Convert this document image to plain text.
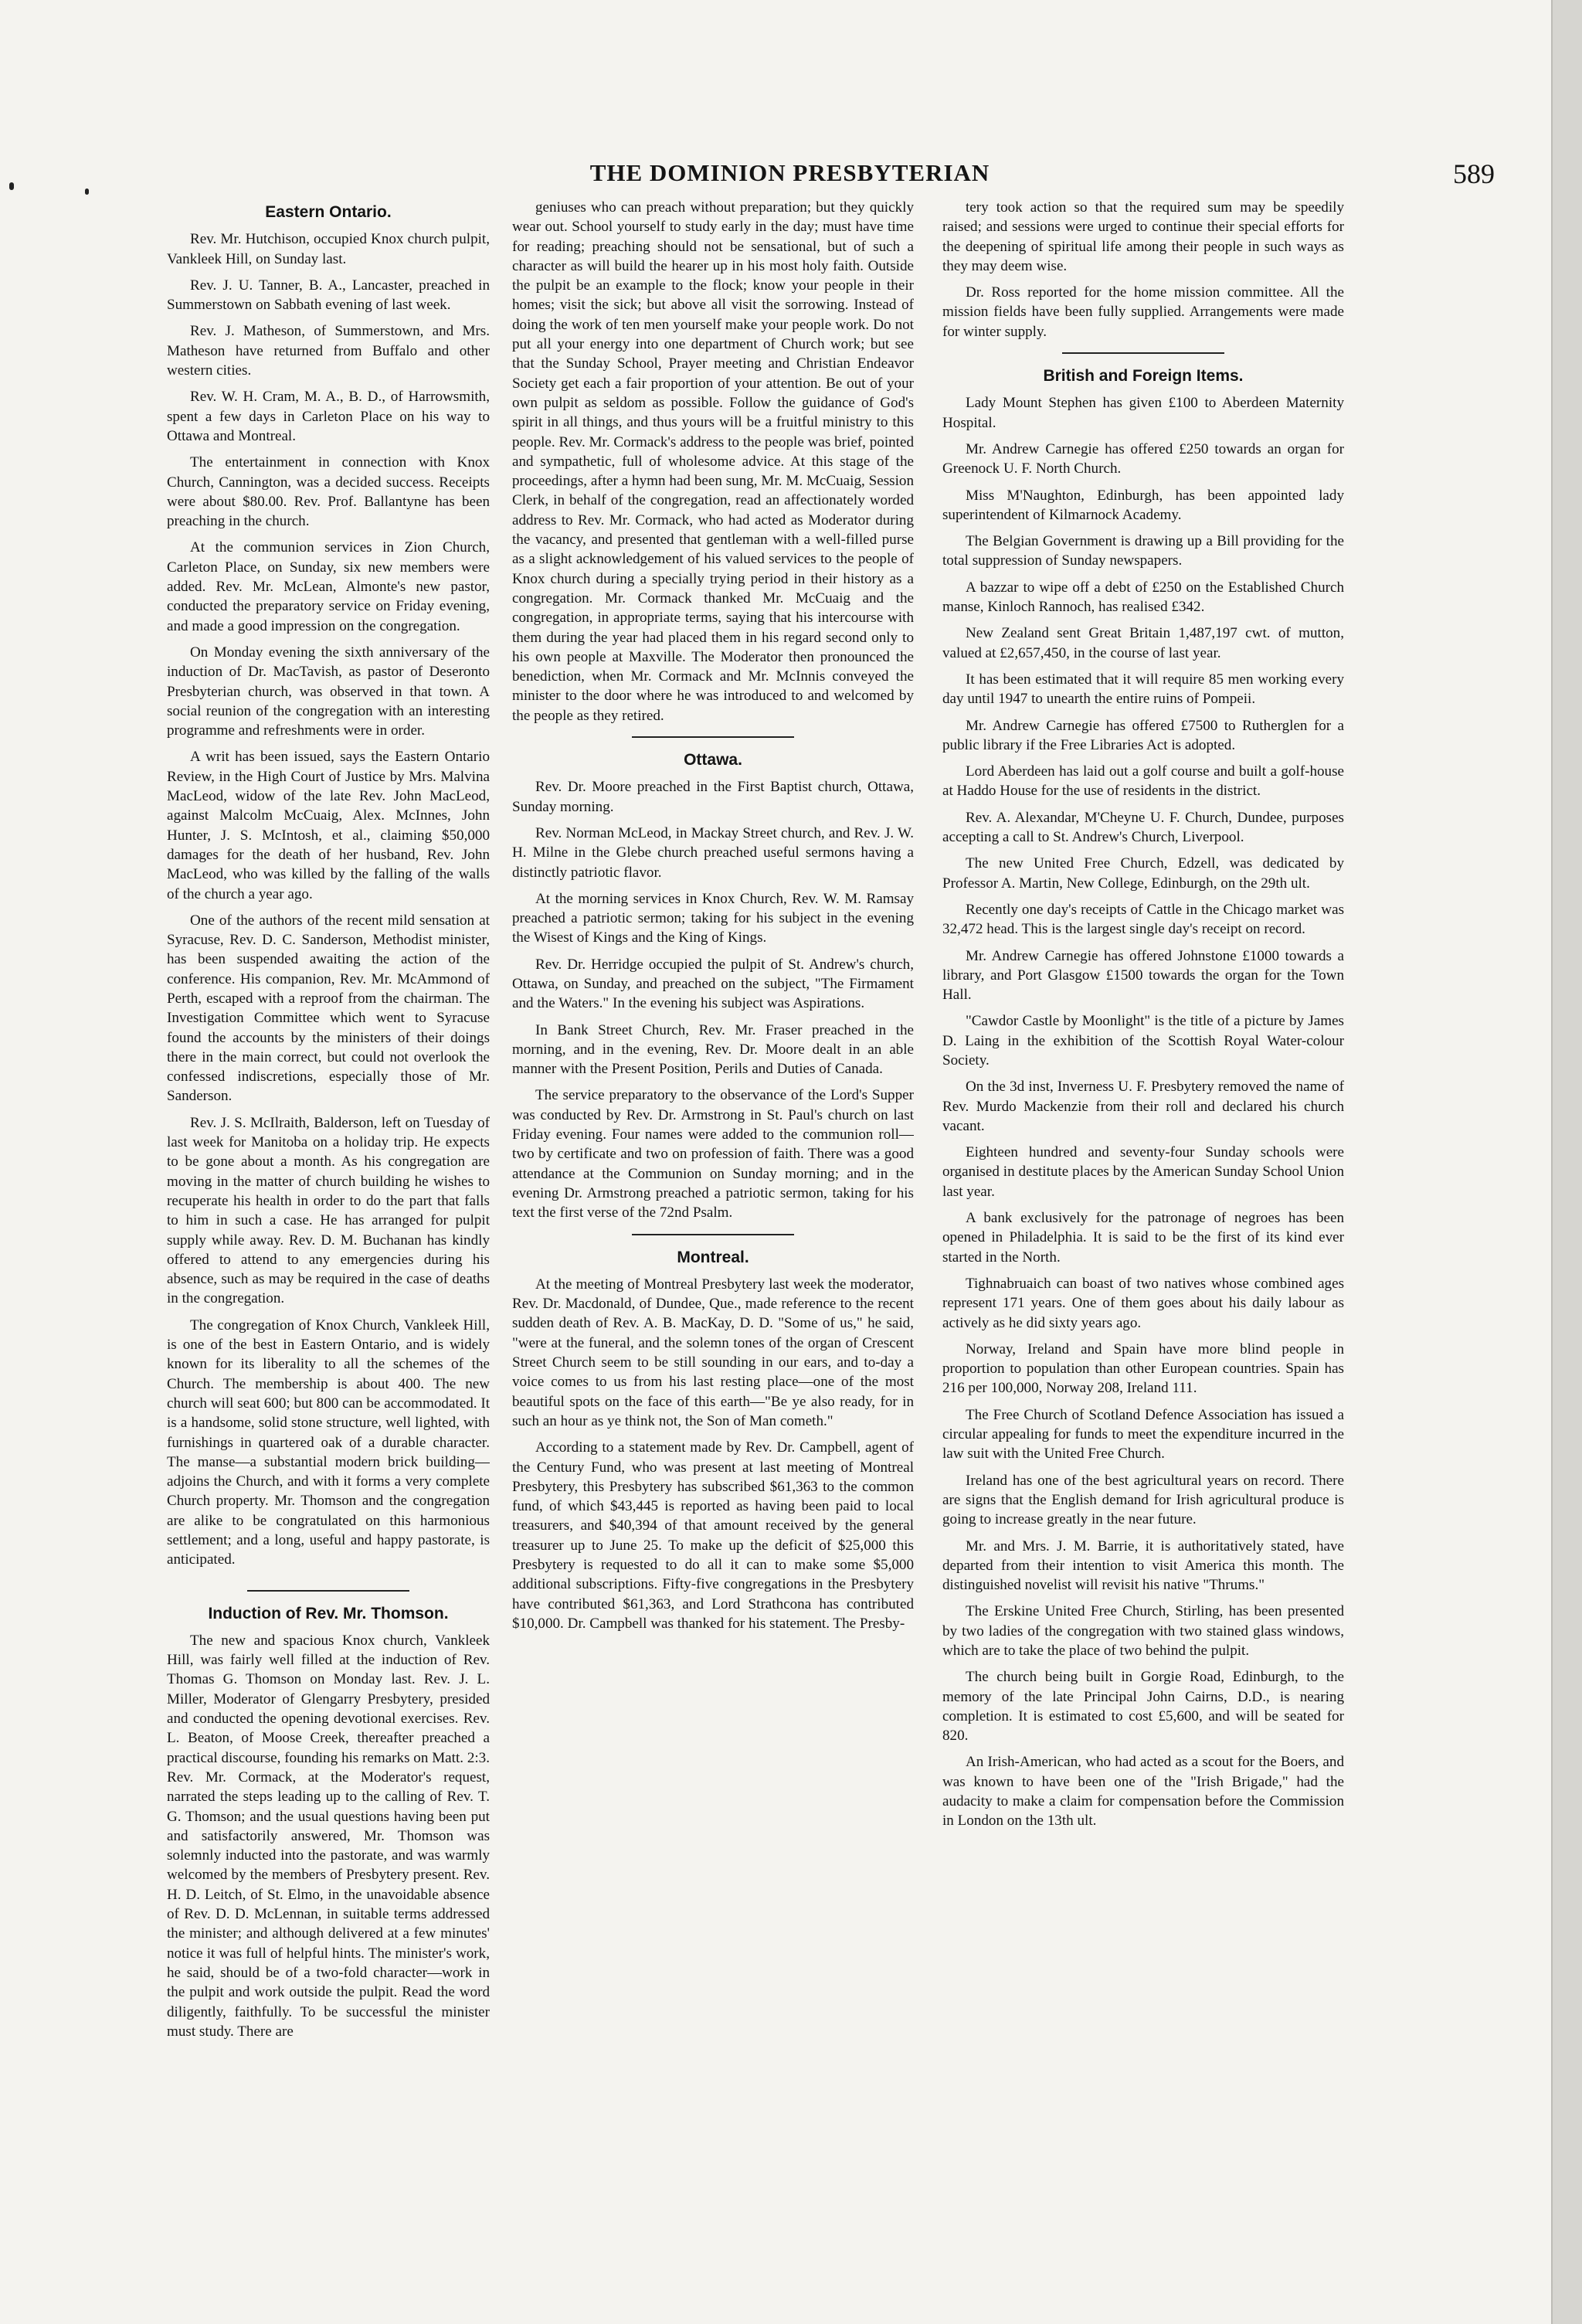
THE DOMINION PRESBYTERIAN	589
Eastern Ontario.

Rev. Mr. Hutchison, occupied Knox church pulpit, Vankleek Hill, on Sunday last.

Rev. J. U. Tanner, B. A., Lancaster, preached in Summerstown on Sabbath evening of last week.

Rev. J. Matheson, of Summerstown, and Mrs. Matheson have returned from Buffalo and other western cities.

Rev. W. H. Cram, M. A., B. D., of Harrowsmith, spent a few days in Carleton Place on his way to Ottawa and Montreal.

The entertainment in connection with Knox Church, Cannington, was a decided success. Receipts were about $80.00. Rev. Prof. Ballantyne has been preaching in the church.

At the communion services in Zion Church, Carleton Place, on Sunday, six new members were added. Rev. Mr. McLean, Almonte's new pastor, conducted the preparatory service on Friday evening, and made a good impression on the congregation.

On Monday evening the sixth anniversary of the induction of Dr. MacTavish, as pastor of Deseronto Presbyterian church, was observed in that town. A social reunion of the congregation with an interesting programme and refreshments were in order.

A writ has been issued, says the Eastern Ontario Review, in the High Court of Justice by Mrs. Malvina MacLeod, widow of the late Rev. John MacLeod, against Malcolm McCuaig, Alex. McInnes, John Hunter, J. S. McIntosh, et al., claiming $50,000 damages for the death of her husband, Rev. John MacLeod, who was killed by the falling of the walls of the church a year ago.

One of the authors of the recent mild sensation at Syracuse, Rev. D. C. Sanderson, Methodist minister, has been suspended awaiting the action of the conference. His companion, Rev. Mr. McAmmond of Perth, escaped with a reproof from the chairman. The Investigation Committee which went to Syracuse found the accounts by the ministers of their doings there in the main correct, but could not overlook the confessed indiscretions, especially those of Mr. Sanderson.

Rev. J. S. McIlraith, Balderson, left on Tuesday of last week for Manitoba on a holiday trip. He expects to be gone about a month. As his congregation are moving in the matter of church building he wishes to recuperate his health in order to do the part that falls to him in such a case. He has arranged for pulpit supply while away. Rev. D. M. Buchanan has kindly offered to attend to any emergencies during his absence, such as may be required in the case of deaths in the congregation.

The congregation of Knox Church, Vankleek Hill, is one of the best in Eastern Ontario, and is widely known for its liberality to all the schemes of the Church. The membership is about 400. The new church will seat 600; but 800 can be accommodated. It is a handsome, solid stone structure, well lighted, with furnishings in quartered oak of a durable character. The manse—a substantial modern brick building—adjoins the Church, and with it forms a very complete Church property. Mr. Thomson and the congregation are alike to be congratulated on this harmonious settlement; and a long, useful and happy pastorate, is anticipated.

Induction of Rev. Mr. Thomson.

The new and spacious Knox church, Vankleek Hill, was fairly well filled at the induction of Rev. Thomas G. Thomson on Monday last. Rev. J. L. Miller, Moderator of Glengarry Presbytery, presided and conducted the opening devotional exercises. Rev. L. Beaton, of Moose Creek, thereafter preached a practical discourse, founding his remarks on Matt. 2:3. Rev. Mr. Cormack, at the Moderator's request, narrated the steps leading up to the calling of Rev. T. G. Thomson; and the usual questions having been put and satisfactorily answered, Mr. Thomson was solemnly inducted into the pastorate, and was warmly welcomed by the members of Presbytery present. Rev. H. D. Leitch, of St. Elmo, in the unavoidable absence of Rev. D. D. McLennan, in suitable terms addressed the minister; and although delivered at a few minutes' notice it was full of helpful hints. The minister's work, he said, should be of a two-fold character—work in the pulpit and work outside the pulpit. Read the word diligently, faithfully. To be successful the minister must study. There are

geniuses who can preach without preparation; but they quickly wear out. School yourself to study early in the day; must have time for reading; preaching should not be sensational, but of such a character as will build the hearer up in his most holy faith. Outside the pulpit be an example to the flock; know your people in their homes; visit the sick; but above all visit the sorrowing. Instead of doing the work of ten men yourself make your people work. Do not put all your energy into one department of Church work; but see that the Sunday School, Prayer meeting and Christian Endeavor Society get each a fair proportion of your attention. Be out of your own pulpit as seldom as possible. Follow the guidance of God's spirit in all things, and thus yours will be a fruitful ministry to this people. Rev. Mr. Cormack's address to the people was brief, pointed and sympathetic, full of wholesome advice. At this stage of the proceedings, after a hymn had been sung, Mr. M. McCuaig, Session Clerk, in behalf of the congregation, read an affectionately worded address to Rev. Mr. Cormack, who had acted as Moderator during the vacancy, and presented that gentleman with a well-filled purse as a slight acknowledgement of his valued services to the people of Knox church during a specially trying period in their history as a congregation. Mr. Cormack thanked Mr. McCuaig and the congregation, in appropriate terms, saying that his intercourse with them during the year had placed them in his regard second only to his own people at Maxville. The Moderator then pronounced the benediction, when Mr. Cormack and Mr. McInnis conveyed the minister to the door where he was introduced to and welcomed by the people as they retired.

Ottawa.

Rev. Dr. Moore preached in the First Baptist church, Ottawa, Sunday morning.

Rev. Norman McLeod, in Mackay Street church, and Rev. J. W. H. Milne in the Glebe church preached useful sermons having a distinctly patriotic flavor.

At the morning services in Knox Church, Rev. W. M. Ramsay preached a patriotic sermon; taking for his subject in the evening the Wisest of Kings and the King of Kings.

Rev. Dr. Herridge occupied the pulpit of St. Andrew's church, Ottawa, on Sunday, and preached on the subject, "The Firmament and the Waters." In the evening his subject was Aspirations.

In Bank Street Church, Rev. Mr. Fraser preached in the morning, and in the evening, Rev. Dr. Moore dealt in an able manner with the Present Position, Perils and Duties of Canada.

The service preparatory to the observance of the Lord's Supper was conducted by Rev. Dr. Armstrong in St. Paul's church on last Friday evening. Four names were added to the communion roll—two by certificate and two on profession of faith. There was a good attendance at the Communion on Sunday morning; and in the evening Dr. Armstrong preached a patriotic sermon, taking for his text the first verse of the 72nd Psalm.

Montreal.

At the meeting of Montreal Presbytery last week the moderator, Rev. Dr. Macdonald, of Dundee, Que., made reference to the recent sudden death of Rev. A. B. MacKay, D. D. "Some of us," he said, "were at the funeral, and the solemn tones of the organ of Crescent Street Church seem to be still sounding in our ears, and to-day a voice comes to us from his last resting place—one of the most beautiful spots on the face of this earth—"Be ye also ready, for in such an hour as ye think not, the Son of Man cometh."

According to a statement made by Rev. Dr. Campbell, agent of the Century Fund, who was present at last meeting of Montreal Presbytery, this Presbytery has subscribed $61,363 to the common fund, of which $43,445 is reported as having been paid to local treasurers, and $40,394 of that amount received by the general treasurer up to June 25. To make up the deficit of $25,000 this Presbytery is requested to do all it can to make some $5,000 additional subscriptions. Fifty-five congregations in the Presbytery have contributed $61,363, and Lord Strathcona has contributed $10,000. Dr. Campbell was thanked for his statement. The Presby-

tery took action so that the required sum may be speedily raised; and sessions were urged to continue their special efforts for the deepening of spiritual life among their people in such ways as they may deem wise.

Dr. Ross reported for the home mission committee. All the mission fields have been fully supplied. Arrangements were made for winter supply.

British and Foreign Items.

Lady Mount Stephen has given £100 to Aberdeen Maternity Hospital.

Mr. Andrew Carnegie has offered £250 towards an organ for Greenock U. F. North Church.

Miss M'Naughton, Edinburgh, has been appointed lady superintendent of Kilmarnock Academy.

The Belgian Government is drawing up a Bill providing for the total suppression of Sunday newspapers.

A bazzar to wipe off a debt of £250 on the Established Church manse, Kinloch Rannoch, has realised £342.

New Zealand sent Great Britain 1,487,197 cwt. of mutton, valued at £2,657,450, in the course of last year.

It has been estimated that it will require 85 men working every day until 1947 to unearth the entire ruins of Pompeii.

Mr. Andrew Carnegie has offered £7500 to Rutherglen for a public library if the Free Libraries Act is adopted.

Lord Aberdeen has laid out a golf course and built a golf-house at Haddo House for the use of residents in the district.

Rev. A. Alexandar, M'Cheyne U. F. Church, Dundee, purposes accepting a call to St. Andrew's Church, Liverpool.

The new United Free Church, Edzell, was dedicated by Professor A. Martin, New College, Edinburgh, on the 29th ult.

Recently one day's receipts of Cattle in the Chicago market was 32,472 head. This is the largest single day's receipt on record.

Mr. Andrew Carnegie has offered Johnstone £1000 towards a library, and Port Glasgow £1500 towards the organ for the Town Hall.

"Cawdor Castle by Moonlight" is the title of a picture by James D. Laing in the exhibition of the Scottish Royal Water-colour Society.

On the 3d inst, Inverness U. F. Presbytery removed the name of Rev. Murdo Mackenzie from their roll and declared his church vacant.

Eighteen hundred and seventy-four Sunday schools were organised in destitute places by the American Sunday School Union last year.

A bank exclusively for the patronage of negroes has been opened in Philadelphia. It is said to be the first of its kind ever started in the North.

Tighnabruaich can boast of two natives whose combined ages represent 171 years. One of them goes about his daily labour as actively as he did sixty years ago.

Norway, Ireland and Spain have more blind people in proportion to population than other European countries. Spain has 216 per 100,000, Norway 208, Ireland 111.

The Free Church of Scotland Defence Association has issued a circular appealing for funds to meet the expenditure incurred in the law suit with the United Free Church.

Ireland has one of the best agricultural years on record. There are signs that the English demand for Irish agricultural produce is going to increase greatly in the near future.

Mr. and Mrs. J. M. Barrie, it is authoritatively stated, have departed from their intention to visit America this month. The distinguished novelist will revisit his native "Thrums."

The Erskine United Free Church, Stirling, has been presented by two ladies of the congregation with two stained glass windows, which are to take the place of two behind the pulpit.

The church being built in Gorgie Road, Edinburgh, to the memory of the late Principal John Cairns, D.D., is nearing completion. It is estimated to cost £5,600, and will be seated for 820.

An Irish-American, who had acted as a scout for the Boers, and was known to have been one of the "Irish Brigade," had the audacity to make a claim for compensation before the Commission in London on the 13th ult.
